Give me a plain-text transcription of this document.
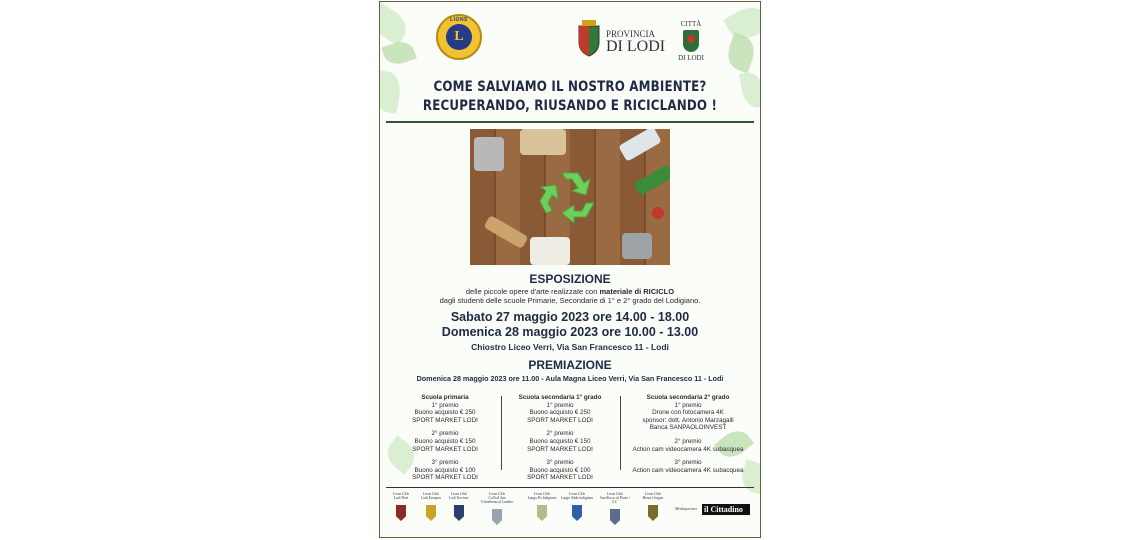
LIONS
L	PROVINCIA
DI LODI
CITTÀ
DI LODI
COME SALVIAMO IL NOSTRO AMBIENTE?
RECUPERANDO, RIUSANDO E RICICLANDO !
ESPOSIZIONE
delle piccole opere d'arte realizzate con materiale di RICICLO
dagli studenti delle scuole Primarie, Secondarie di 1° e 2° grado del Lodigiano.
Sabato 27 maggio 2023 ore 14.00 - 18.00
Domenica 28 maggio 2023 ore 10.00 - 13.00
Chiostro Liceo Verri, Via San Francesco 11 - Lodi
PREMIAZIONE
Domenica 28 maggio 2023 ore 11.00 - Aula Magna Liceo Verri, Via San Francesco 11 - Lodi
Scuola primaria
1° premio
Buono acquisto € 250
SPORT MARKET LODI
2° premio
Buono acquisto € 150
SPORT MARKET LODI
3° premio
Buono acquisto € 100
SPORT MARKET LODI
Scuola secondaria 1° grado
1° premio
Buono acquisto € 250
SPORT MARKET LODI
2° premio
Buono acquisto € 150
SPORT MARKET LODI
3° premio
Buono acquisto € 100
SPORT MARKET LODI
Scuola secondaria 2° grado
1° premio
Drone con fotocamera 4K
sponsor: dott. Antonio Marzagalli
Banca SANPAOLOINVEST
2° premio
Action cam videocamera 4K subacquea
3° premio
Action cam videocamera 4K subacquea
Lions Club
Lodi Host
Lions Club
Lodi Europea
Lions Club
Lodi Torrione
Lions Club
Colli di San Colombano al Lambro
Lions Club
Lungo Po lodigiano
Lions Club
Lungo Adda lodigiano
Lions Club
San Rocco al Porto / S.C.
Lions Club
Borsa Gragno
Mediapartner il Cittadino
